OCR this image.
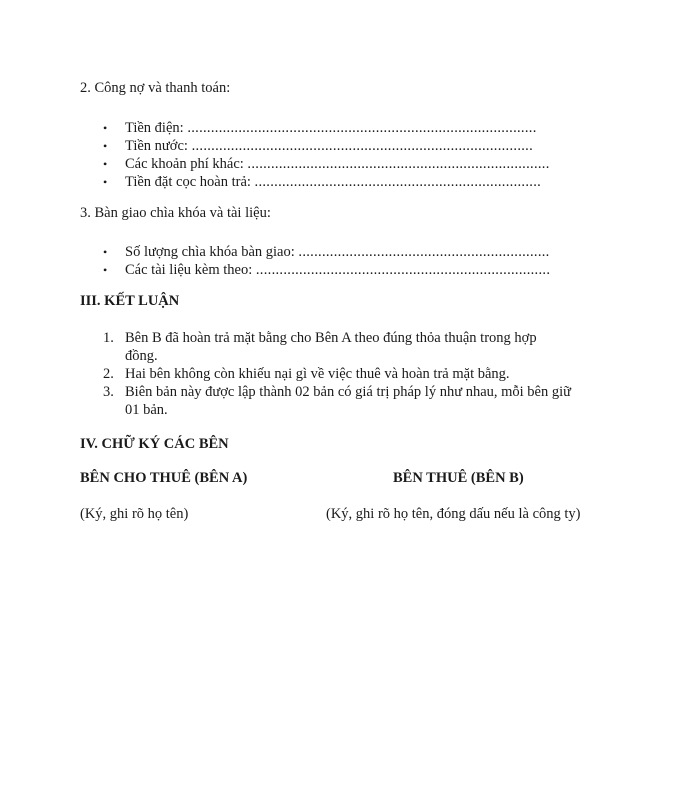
2. Công nợ và thanh toán:
• Tiền điện: .........................................................................................
• Tiền nước: .......................................................................................
• Các khoản phí khác: .............................................................................
• Tiền đặt cọc hoàn trả: .........................................................................
3. Bàn giao chìa khóa và tài liệu:
• Số lượng chìa khóa bàn giao: ................................................................
• Các tài liệu kèm theo: ...........................................................................
III. KẾT LUẬN
1. Bên B đã hoàn trả mặt bằng cho Bên A theo đúng thỏa thuận trong hợp
đồng.
2. Hai bên không còn khiếu nại gì về việc thuê và hoàn trả mặt bằng.
3. Biên bản này được lập thành 02 bản có giá trị pháp lý như nhau, mỗi bên giữ
01 bản.
IV. CHỮ KÝ CÁC BÊN
BÊN CHO THUÊ (BÊN A)	BÊN THUÊ (BÊN B)
(Ký, ghi rõ họ tên)	(Ký, ghi rõ họ tên, đóng dấu nếu là công ty)
